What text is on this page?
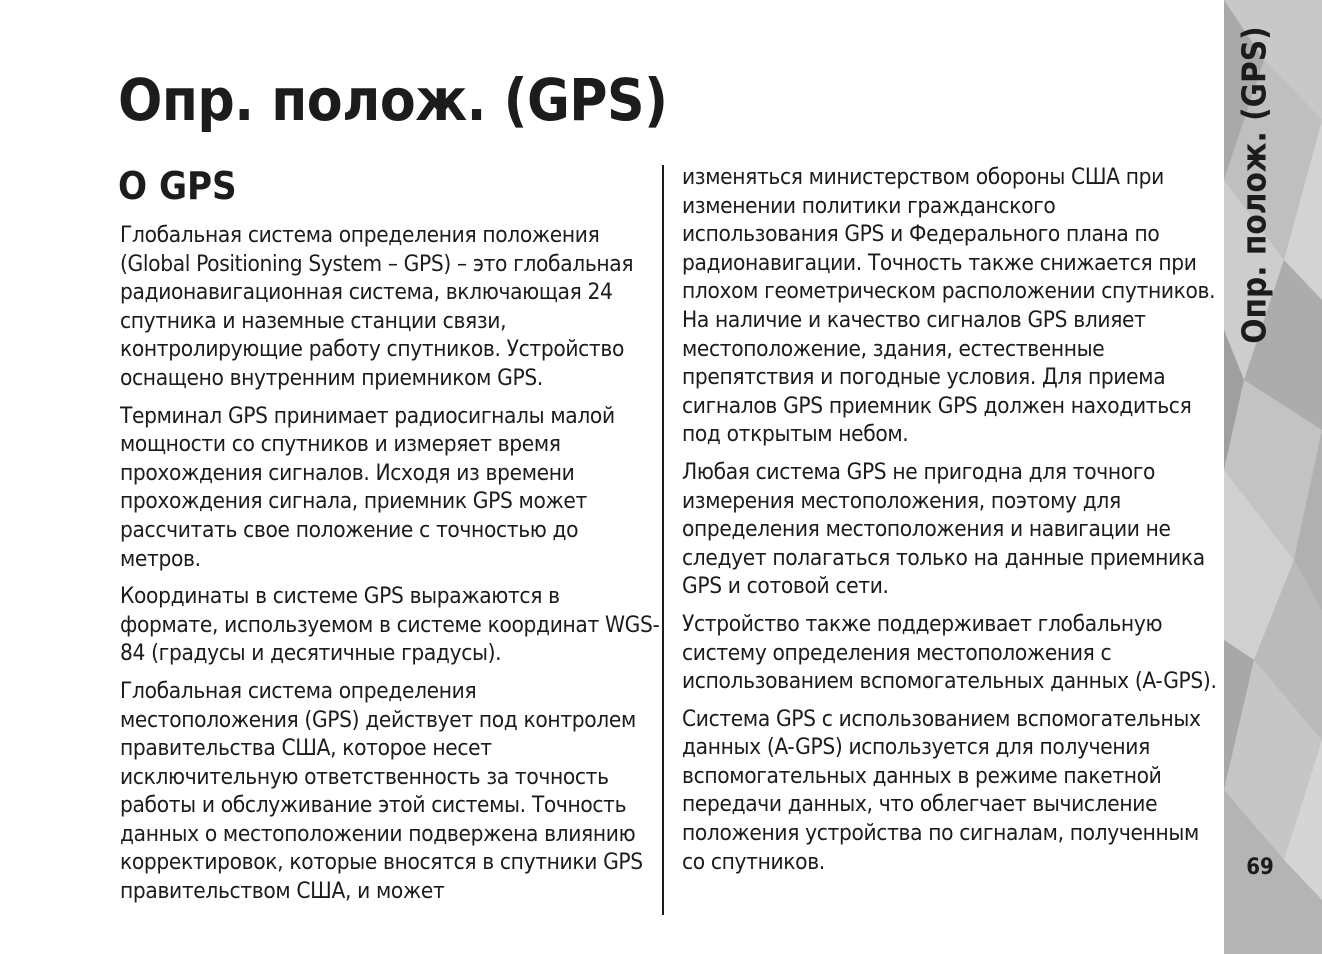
Опр. полож. (GPS)
О GPS

Глобальная система определения положения (Global Positioning System – GPS) – это глобальная радионавигационная система, включающая 24 спутника и наземные станции связи, контролирующие работу спутников. Устройство оснащено внутренним приемником GPS.

Терминал GPS принимает радиосигналы малой мощности со спутников и измеряет время прохождения сигналов. Исходя из времени прохождения сигнала, приемник GPS может рассчитать свое положение с точностью до метров.

Координаты в системе GPS выражаются в формате, используемом в системе координат WGS-84 (градусы и десятичные градусы).

Глобальная система определения местоположения (GPS) действует под контролем правительства США, которое несет исключительную ответственность за точность работы и обслуживание этой системы. Точность данных о местоположении подвержена влиянию корректировок, которые вносятся в спутники GPS правительством США, и может

изменяться министерством обороны США при изменении политики гражданского использования GPS и Федерального плана по радионавигации. Точность также снижается при плохом геометрическом расположении спутников. На наличие и качество сигналов GPS влияет местоположение, здания, естественные препятствия и погодные условия. Для приема сигналов GPS приемник GPS должен находиться под открытым небом.

Любая система GPS не пригодна для точного измерения местоположения, поэтому для определения местоположения и навигации не следует полагаться только на данные приемника GPS и сотовой сети.

Устройство также поддерживает глобальную систему определения местоположения с использованием вспомогательных данных (A-GPS).

Система GPS с использованием вспомогательных данных (A-GPS) используется для получения вспомогательных данных в режиме пакетной передачи данных, что облегчает вычисление положения устройства по сигналам, полученным со спутников.

Опр. полож. (GPS)
69
